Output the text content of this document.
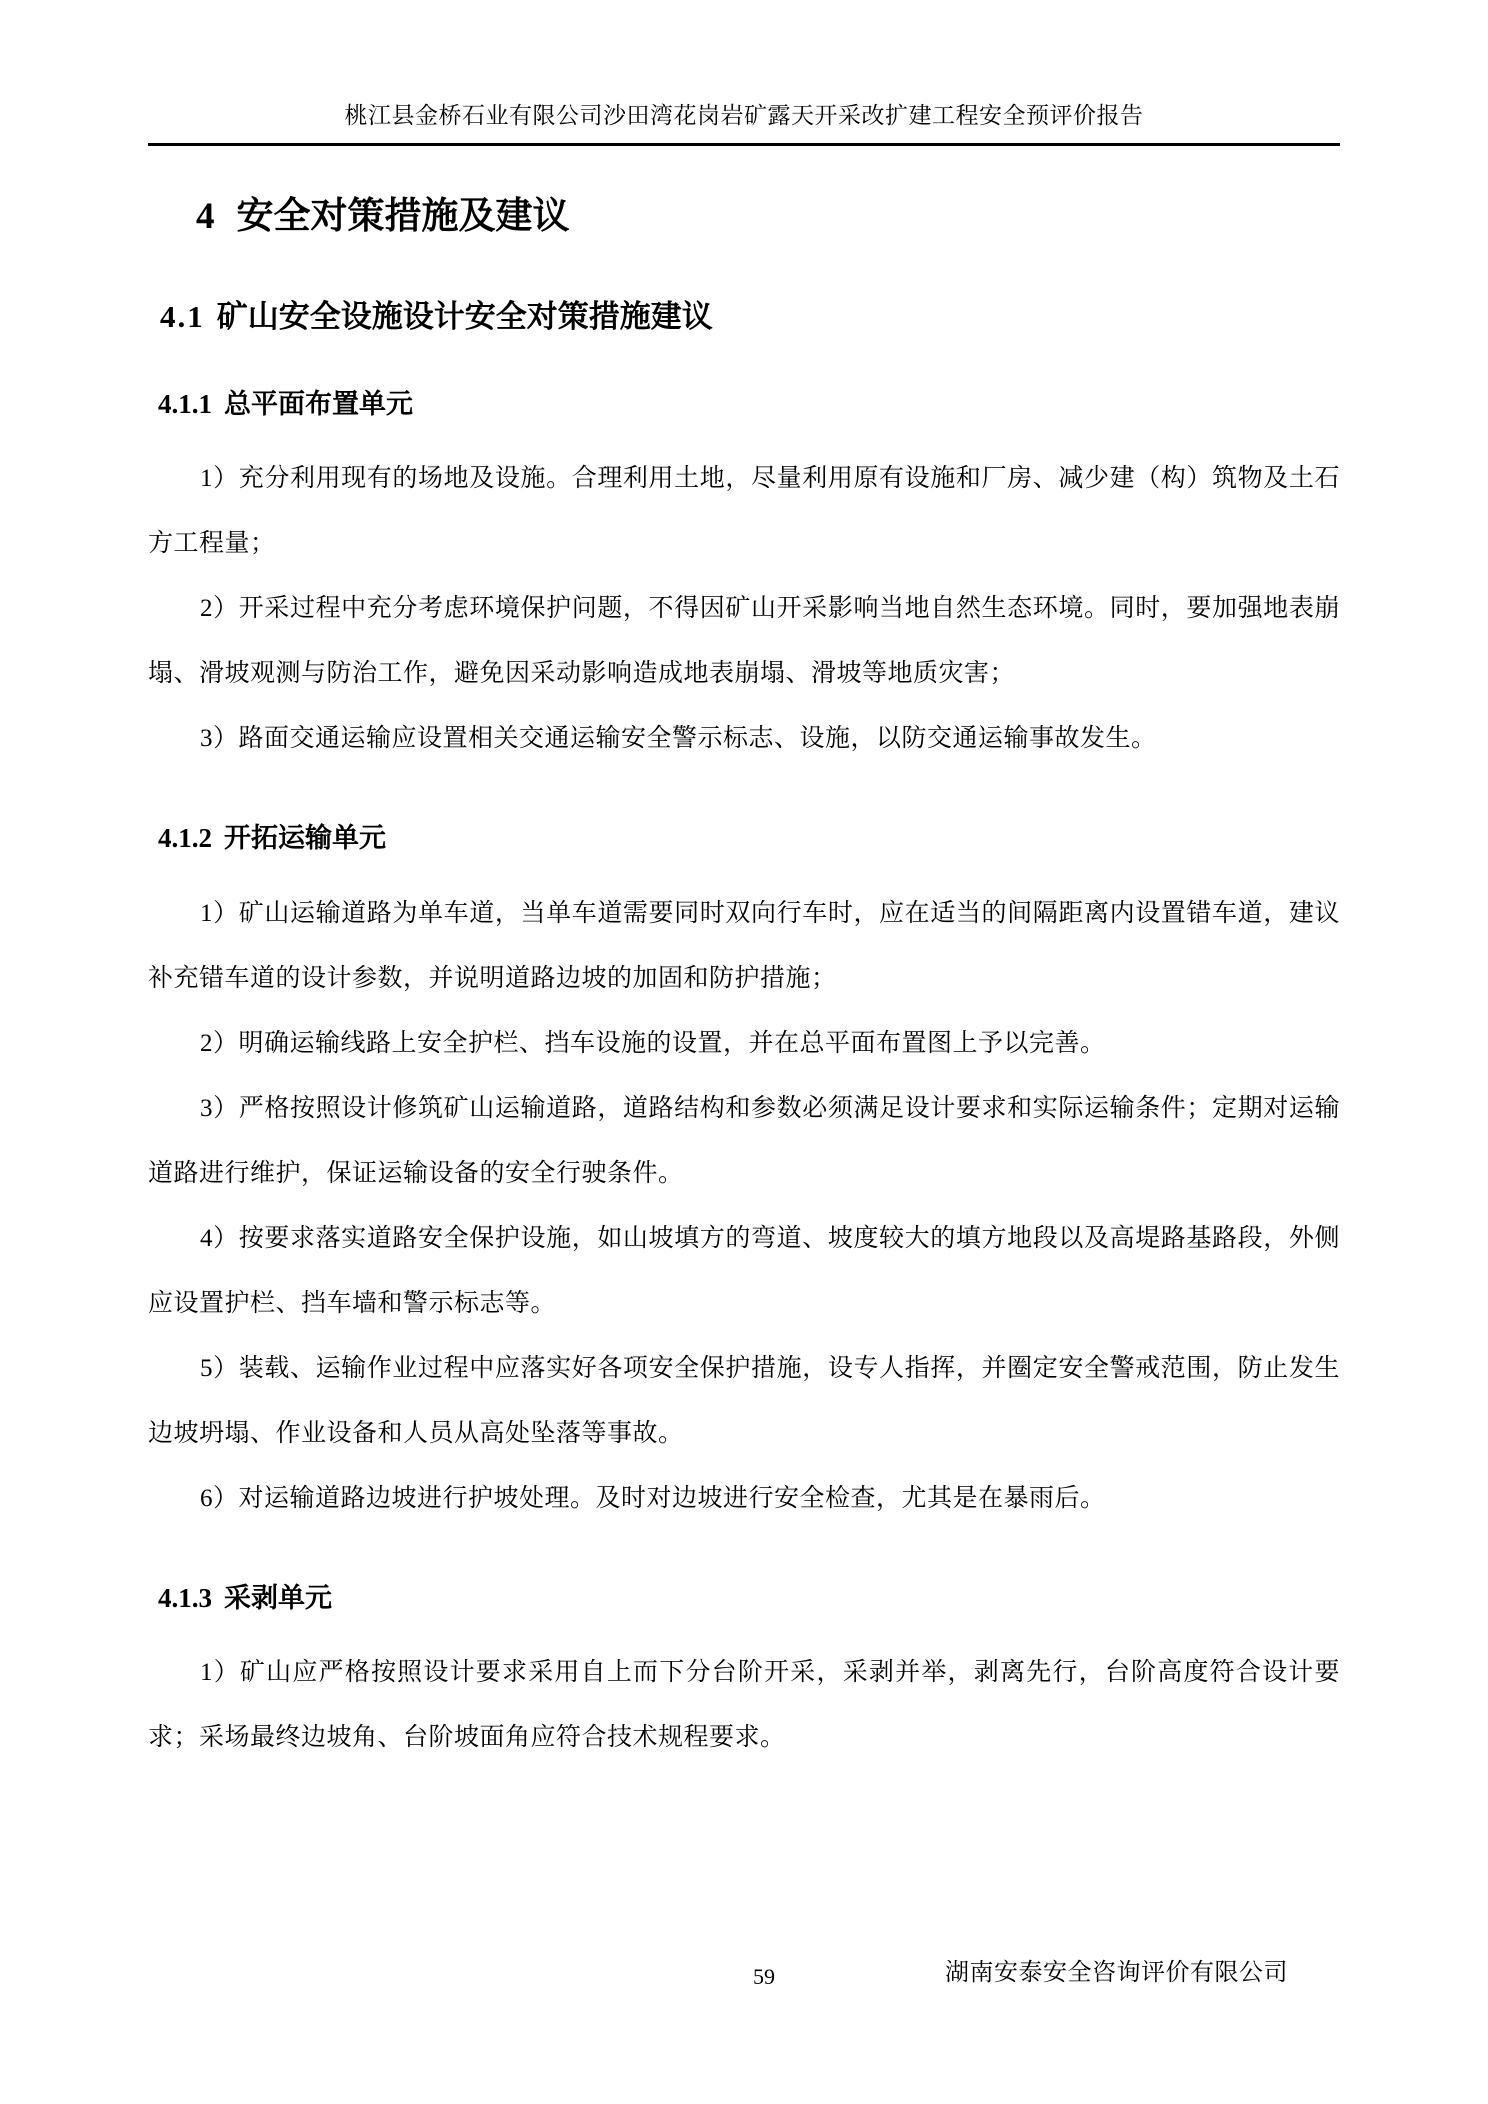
桃江县金桥石业有限公司沙田湾花岗岩矿露天开采改扩建工程安全预评价报告
4 安全对策措施及建议
4.1 矿山安全设施设计安全对策措施建议
4.1.1 总平面布置单元

1）充分利用现有的场地及设施。合理利用土地，尽量利用原有设施和厂房、减少建（构）筑物及土石方工程量；

2）开采过程中充分考虑环境保护问题，不得因矿山开采影响当地自然生态环境。同时，要加强地表崩塌、滑坡观测与防治工作，避免因采动影响造成地表崩塌、滑坡等地质灾害；

3）路面交通运输应设置相关交通运输安全警示标志、设施，以防交通运输事故发生。

4.1.2 开拓运输单元

1）矿山运输道路为单车道，当单车道需要同时双向行车时，应在适当的间隔距离内设置错车道，建议补充错车道的设计参数，并说明道路边坡的加固和防护措施；

2）明确运输线路上安全护栏、挡车设施的设置，并在总平面布置图上予以完善。

3）严格按照设计修筑矿山运输道路，道路结构和参数必须满足设计要求和实际运输条件；定期对运输道路进行维护，保证运输设备的安全行驶条件。

4）按要求落实道路安全保护设施，如山坡填方的弯道、坡度较大的填方地段以及高堤路基路段，外侧应设置护栏、挡车墙和警示标志等。

5）装载、运输作业过程中应落实好各项安全保护措施，设专人指挥，并圈定安全警戒范围，防止发生边坡坍塌、作业设备和人员从高处坠落等事故。

6）对运输道路边坡进行护坡处理。及时对边坡进行安全检查，尤其是在暴雨后。

4.1.3 采剥单元

1）矿山应严格按照设计要求采用自上而下分台阶开采，采剥并举，剥离先行，台阶高度符合设计要求；采场最终边坡角、台阶坡面角应符合技术规程要求。

59	湖南安泰安全咨询评价有限公司
